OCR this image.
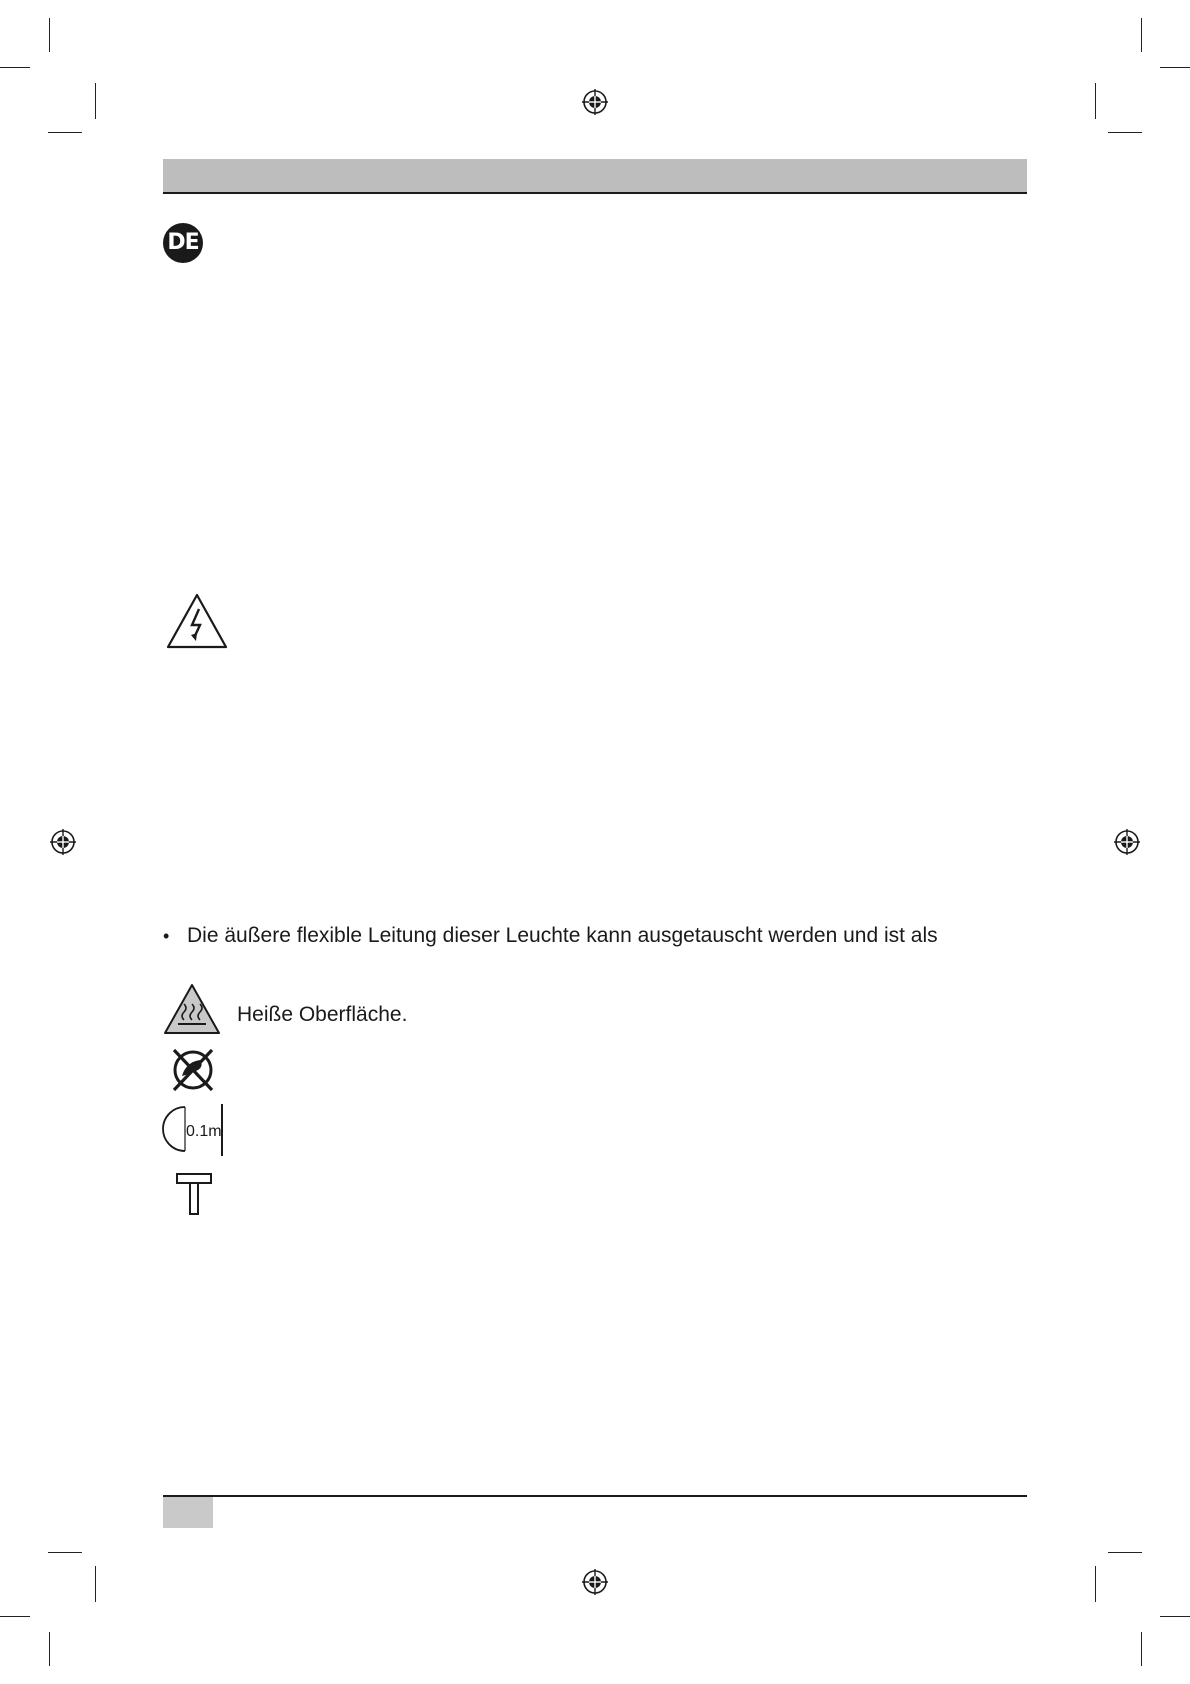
DE
• Die äußere flexible Leitung dieser Leuchte kann ausgetauscht werden und ist als
Heiße Oberfläche.
0.1m
